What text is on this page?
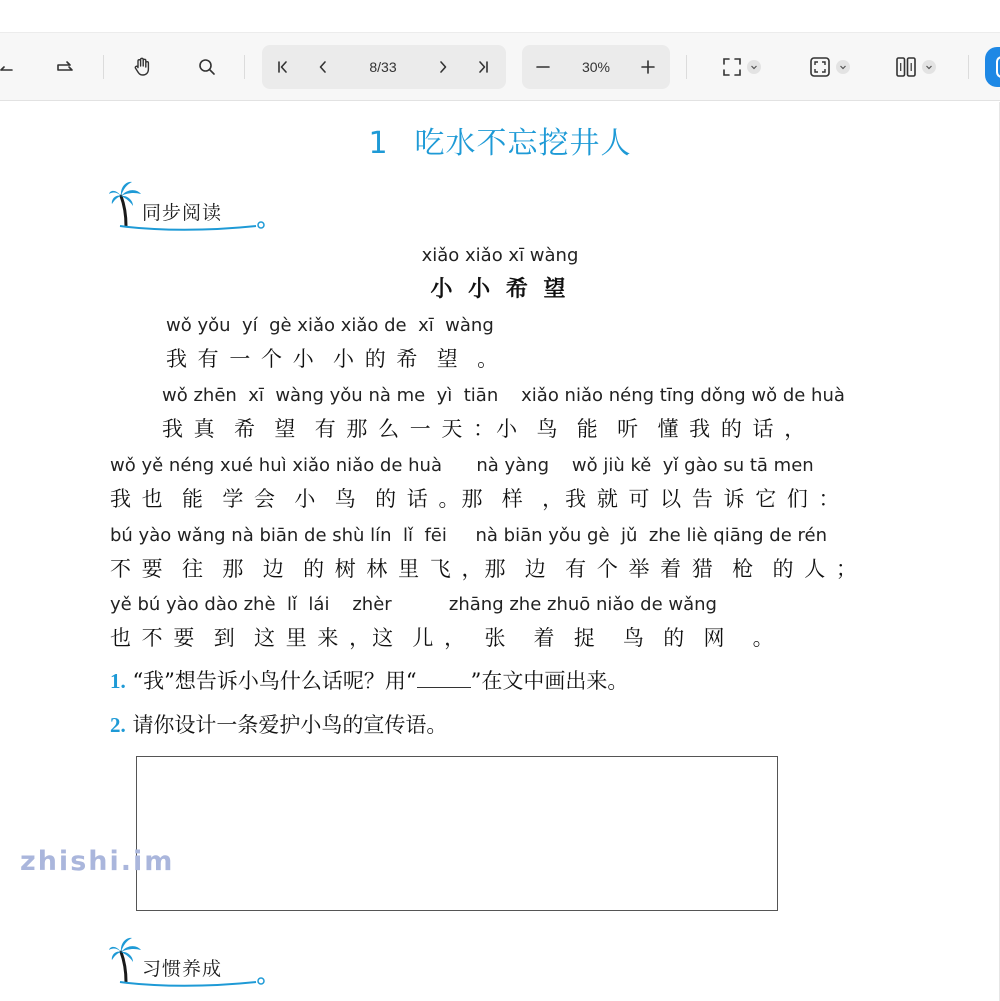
8/33	30%
1 吃水不忘挖井人
同步阅读
xiǎo xiǎo xī wàng
小 小 希 望
wǒ yǒu  yí  gè xiǎo xiǎo de  xī  wàng
我 有 一 个 小  小 的 希  望  。
wǒ zhēn  xī  wàng yǒu nà me  yì  tiān    xiǎo niǎo néng tīng dǒng wǒ de huà
我 真  希  望  有 那 么 一 天 ：小  鸟  能  听  懂 我 的 话 ，
wǒ yě néng xué huì xiǎo niǎo de huà      nà yàng    wǒ jiù kě  yǐ gào su tā men
我 也  能  学 会  小  鸟  的 话 。那  样  ，我 就 可 以 告 诉 它 们 ：
bú yào wǎng nà biān de shù lín  lǐ  fēi     nà biān yǒu gè  jǔ  zhe liè qiāng de rén
不 要  往  那  边  的 树 林 里 飞 ，那  边  有 个 举 着 猎  枪  的 人 ；
yě bú yào dào zhè  lǐ  lái    zhèr          zhāng zhe zhuō niǎo de wǎng
也 不 要  到  这 里 来 ，这  儿 ，  张   着  捉   鸟  的  网   。
1. “我”想告诉小鸟什么话呢？用“	”在文中画出来。
2. 请你设计一条爱护小鸟的宣传语。
zhishi.im
习惯养成
